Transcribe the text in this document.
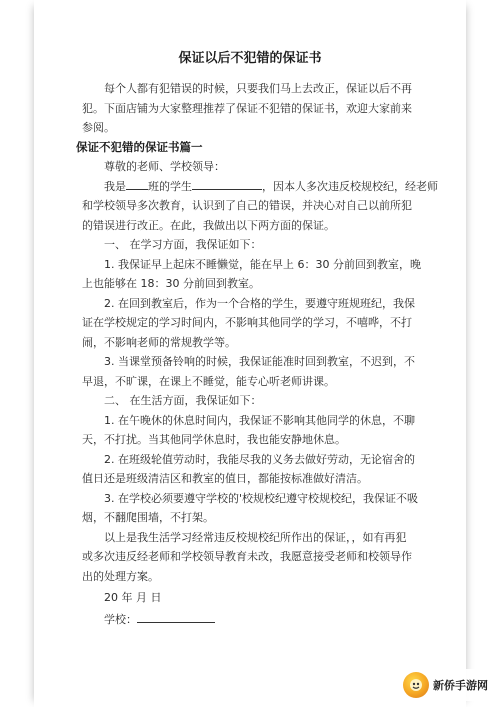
保证以后不犯错的保证书

每个人都有犯错误的时候，只要我们马上去改正，保证以后不再

犯。下面店铺为大家整理推荐了保证不犯错的保证书，欢迎大家前来

参阅。

保证不犯错的保证书篇一

尊敬的老师、学校领导：

我是 班的学生	，因本人多次违反校规校纪，经老师

和学校领导多次教育，认识到了自己的错误，并决心对自己以前所犯

的错误进行改正。在此，我做出以下两方面的保证。

一、 在学习方面，我保证如下：

1. 我保证早上起床不睡懒觉，能在早上 6：30 分前回到教室，晚

上也能够在 18：30 分前回到教室。

2. 在回到教室后，作为一个合格的学生，要遵守班规班纪，我保

证在学校规定的学习时间内，不影响其他同学的学习，不嘻哗，不打

闹，不影响老师的常规教学等。

3. 当课堂预备铃响的时候，我保证能准时回到教室，不迟到，不

早退，不旷课，在课上不睡觉，能专心听老师讲课。

二、 在生活方面，我保证如下：

1. 在午晚休的休息时间内，我保证不影响其他同学的休息，不聊

天，不打扰。当其他同学休息时，我也能安静地休息。

2. 在班级轮值劳动时，我能尽我的义务去做好劳动，无论宿舍的

值日还是班级清洁区和教室的值日，都能按标准做好清洁。

3. 在学校必须要遵守学校的'校规校纪遵守校规校纪，我保证不吸

烟，不翻爬围墙，不打架。

以上是我生活学习经常违反校规校纪所作出的保证，，如有再犯

或多次违反经老师和学校领导教育未改，我愿意接受老师和校领导作

出的处理方案。

20 年 月 日

学校：

新侨手游网
